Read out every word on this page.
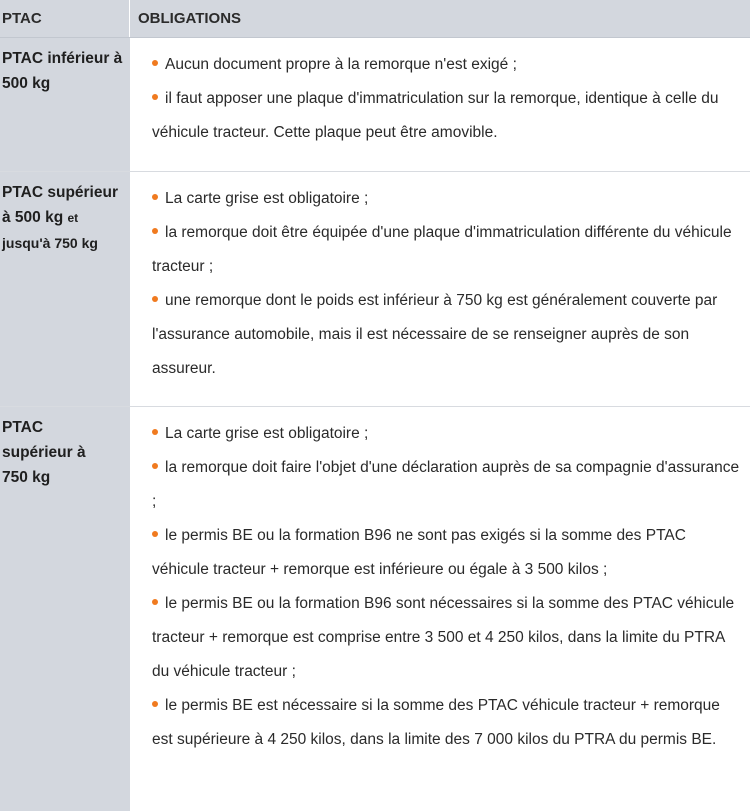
PTAC	OBLIGATIONS
PTAC inférieur à 500 kg
Aucun document propre à la remorque n'est exigé ;
il faut apposer une plaque d'immatriculation sur la remorque, identique à celle du véhicule tracteur. Cette plaque peut être amovible.
PTAC supérieur à 500 kg et
jusqu'à 750 kg
La carte grise est obligatoire ;
la remorque doit être équipée d'une plaque d'immatriculation différente du véhicule tracteur ;
une remorque dont le poids est inférieur à 750 kg est généralement couverte par l'assurance automobile, mais il est nécessaire de se renseigner auprès de son assureur.
PTAC supérieur à 750 kg
La carte grise est obligatoire ;
la remorque doit faire l'objet d'une déclaration auprès de sa compagnie d'assurance ;
le permis BE ou la formation B96 ne sont pas exigés si la somme des PTAC véhicule tracteur + remorque est inférieure ou égale à 3 500 kilos ;
le permis BE ou la formation B96 sont nécessaires si la somme des PTAC véhicule tracteur + remorque est comprise entre 3 500 et 4 250 kilos, dans la limite du PTRA du véhicule tracteur ;
le permis BE est nécessaire si la somme des PTAC véhicule tracteur + remorque est supérieure à 4 250 kilos, dans la limite des 7 000 kilos du PTRA du permis BE.
